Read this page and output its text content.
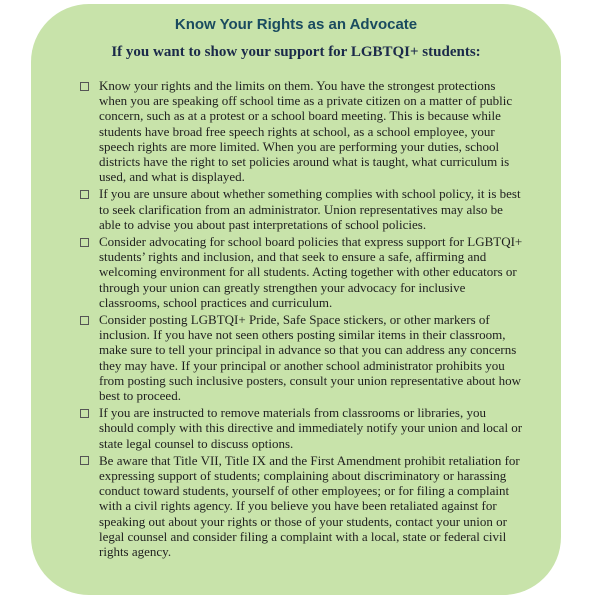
Know Your Rights as an Advocate
If you want to show your support for LGBTQI+ students:
Know your rights and the limits on them. You have the strongest protections when you are speaking off school time as a private citizen on a matter of public concern, such as at a protest or a school board meeting. This is because while students have broad free speech rights at school, as a school employee, your speech rights are more limited. When you are performing your duties, school districts have the right to set policies around what is taught, what curriculum is used, and what is displayed.
If you are unsure about whether something complies with school policy, it is best to seek clarification from an administrator. Union representatives may also be able to advise you about past interpretations of school policies.
Consider advocating for school board policies that express support for LGBTQI+ students’ rights and inclusion, and that seek to ensure a safe, affirming and welcoming environment for all students. Acting together with other educators or through your union can greatly strengthen your advocacy for inclusive classrooms, school practices and curriculum.
Consider posting LGBTQI+ Pride, Safe Space stickers, or other markers of inclusion. If you have not seen others posting similar items in their classroom, make sure to tell your principal in advance so that you can address any concerns they may have. If your principal or another school administrator prohibits you from posting such inclusive posters, consult your union representative about how best to proceed.
If you are instructed to remove materials from classrooms or libraries, you should comply with this directive and immediately notify your union and local or state legal counsel to discuss options.
Be aware that Title VII, Title IX and the First Amendment prohibit retaliation for expressing support of students; complaining about discriminatory or harassing conduct toward students, yourself of other employees; or for filing a complaint with a civil rights agency. If you believe you have been retaliated against for speaking out about your rights or those of your students, contact your union or legal counsel and consider filing a complaint with a local, state or federal civil rights agency.
